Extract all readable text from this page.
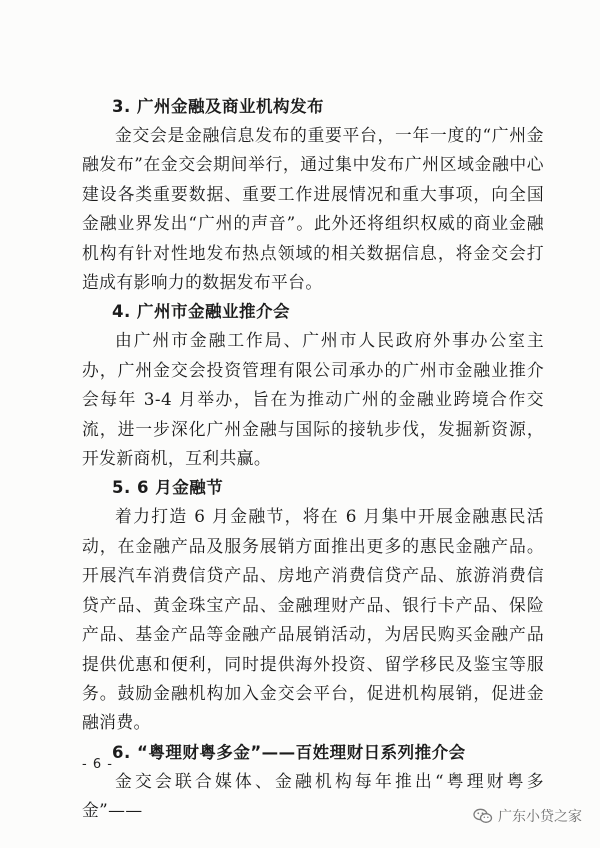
3. 广州金融及商业机构发布

金交会是金融信息发布的重要平台，一年一度的“广州金融发布”在金交会期间举行，通过集中发布广州区域金融中心建设各类重要数据、重要工作进展情况和重大事项，向全国金融业界发出“广州的声音”。此外还将组织权威的商业金融机构有针对性地发布热点领域的相关数据信息，将金交会打造成有影响力的数据发布平台。

4. 广州市金融业推介会

由广州市金融工作局、广州市人民政府外事办公室主办，广州金交会投资管理有限公司承办的广州市金融业推介会每年 3-4 月举办，旨在为推动广州的金融业跨境合作交流，进一步深化广州金融与国际的接轨步伐，发掘新资源，开发新商机，互利共赢。

5. 6 月金融节

着力打造 6 月金融节，将在 6 月集中开展金融惠民活动，在金融产品及服务展销方面推出更多的惠民金融产品。开展汽车消费信贷产品、房地产消费信贷产品、旅游消费信贷产品、黄金珠宝产品、金融理财产品、银行卡产品、保险产品、基金产品等金融产品展销活动，为居民购买金融产品提供优惠和便利，同时提供海外投资、留学移民及鉴宝等服务。鼓励金融机构加入金交会平台，促进机构展销，促进金融消费。

6. “粤理财粤多金”——百姓理财日系列推介会

金交会联合媒体、金融机构每年推出“粤理财粤多金”——

- 6 -
广东小贷之家
